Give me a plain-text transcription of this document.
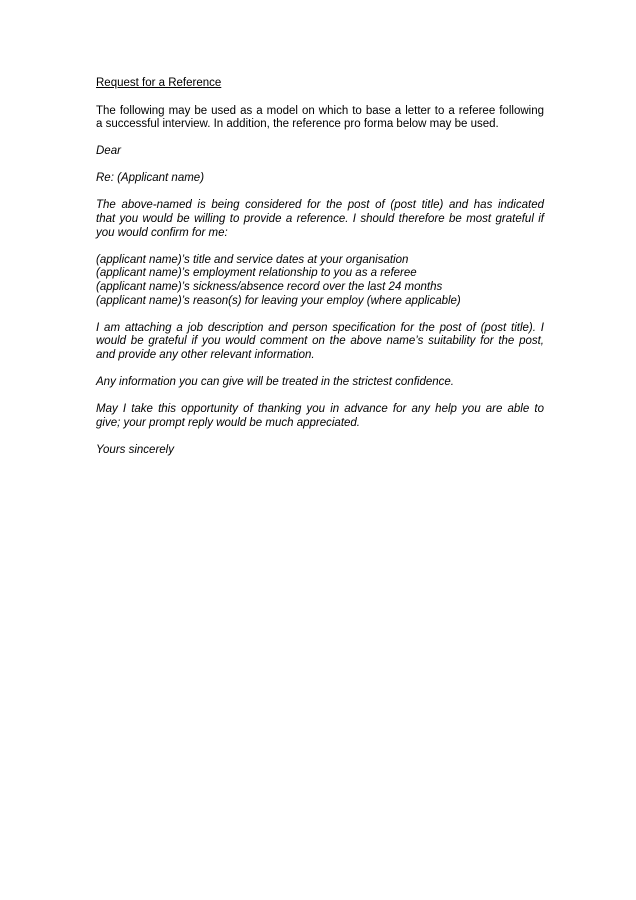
Request for a Reference
The following may be used as a model on which to base a letter to a referee following
a successful interview. In addition, the reference pro forma below may be used.
Dear
Re: (Applicant name)
The above-named is being considered for the post of (post title) and has indicated
that you would be willing to provide a reference. I should therefore be most grateful if
you would confirm for me:
(applicant name)’s title and service dates at your organisation
(applicant name)’s employment relationship to you as a referee
(applicant name)’s sickness/absence record over the last 24 months
(applicant name)’s reason(s) for leaving your employ (where applicable)
I am attaching a job description and person specification for the post of (post title). I
would be grateful if you would comment on the above name’s suitability for the post,
and provide any other relevant information.
Any information you can give will be treated in the strictest confidence.
May I take this opportunity of thanking you in advance for any help you are able to
give; your prompt reply would be much appreciated.
Yours sincerely
